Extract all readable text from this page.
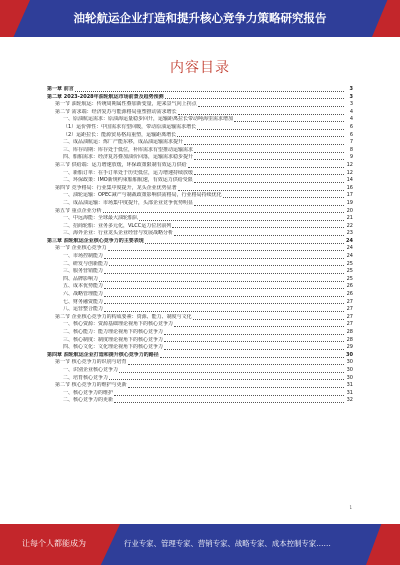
油轮航运企业打造和提升核心竞争力策略研究报告
内容目录
第一章 前言	3
第二章 2023-2028年油轮航运市场前景及趋势预测	3
第一节 油轮航运：传统周期属性叠加新变量，迎来景气向上拐点	3
第二节 需求端：经济复苏与能源格局重塑推动需求增长	4
一、原油航运需求：原油海运量稳步回升，运输距离拉长带动吨海里需求增加	4
（1）运价弹性：中国需求有望回暖，带动原油运输需求增长	6
（2）运距拉长：能源贸易格局重塑，运输距离增长	6
二、成品油航运：炼厂产能东移，成品油运输需求提升	7
三、库存周期：库存处于低位，补库需求有望推动运输需求	8
四、船舶需求：经济复苏叠加油价回落，运输需求稳步提升	9
第三节 供给端：运力增速放缓，环保政策限制有效运力供给	12
一、新船订单：在手订单处于历史低位，运力增速持续放缓	12
二、环保政策：IMO新规约束船舶航速，有效运力供给受限	14
第四节 竞争格局：行业集中度提升，龙头企业优势显著	16
一、油轮运输：OPEC减产与制裁政策影响供需格局，行业格局持续优化	17
二、成品油运输：市场集中度提升，头部企业竞争优势明显	19
第五节 重点企业分析	20
一、中远海能：全球最大油轮船队	21
二、招商轮船：业务多元化，VLCC运力位居前列	22
三、海外企业：行业龙头企业经营与发展战略分析	23
第三章 油轮航运企业核心竞争力的主要表现	24
第一节 企业核心竞争力	24
一、市场控制能力	24
二、研发与创新能力	25
三、服务营销能力	25
四、品牌影响力	25
五、成本优势能力	26
六、战略管理能力	26
七、财务融资能力	27
八、运营整合能力	27
第二节 企业核心竞争力的构成要素：资源、能力、制度与文化	27
一、核心资源：资源基础理论视角下的核心竞争力	27
二、核心能力：能力理论视角下的核心竞争力	28
三、核心制度：制度理论视角下的核心竞争力	28
四、核心文化：文化理论视角下的核心竞争力	29
第四章 油轮航运企业打造和提升核心竞争力的路径	30
第一节 核心竞争力的识别与培育	30
一、识别企业核心竞争力	30
二、培育核心竞争力	30
第二节 核心竞争力的维护与更新	31
一、核心竞争力的维护	31
二、核心竞争力的更新	32
1
让每个人都能成为	行业专家、管理专家、营销专家、战略专家、成本控制专家……
